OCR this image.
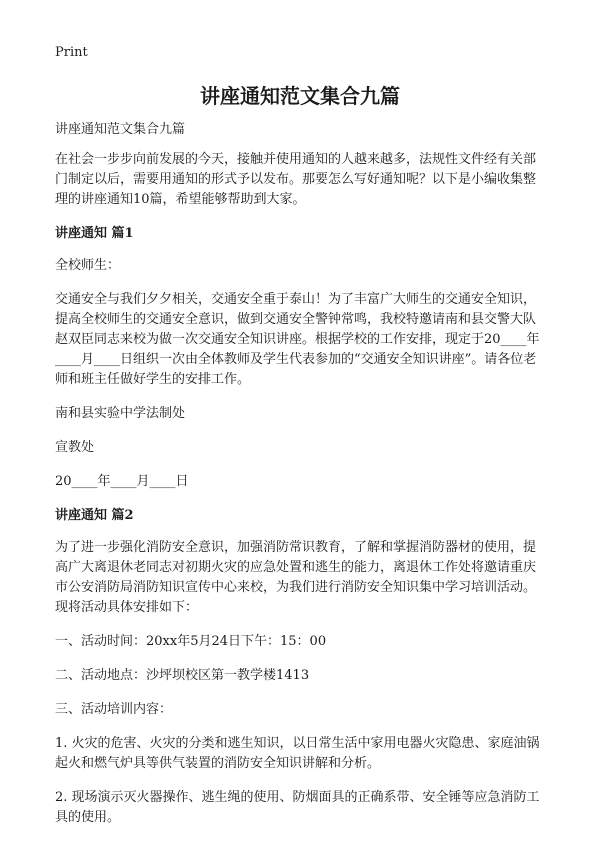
Print
讲座通知范文集合九篇

讲座通知范文集合九篇

在社会一步步向前发展的今天，接触并使用通知的人越来越多，法规性文件经有关部门制定以后，需要用通知的形式予以发布。那要怎么写好通知呢？以下是小编收集整理的讲座通知10篇，希望能够帮助到大家。

讲座通知 篇1

全校师生：

交通安全与我们夕夕相关，交通安全重于泰山！为了丰富广大师生的交通安全知识，提高全校师生的交通安全意识，做到交通安全警钟常鸣，我校特邀请南和县交警大队赵双臣同志来校为做一次交通安全知识讲座。根据学校的工作安排，现定于20____年____月____日组织一次由全体教师及学生代表参加的“交通安全知识讲座”。请各位老师和班主任做好学生的安排工作。

南和县实验中学法制处

宣教处

20____年____月____日

讲座通知 篇2

为了进一步强化消防安全意识，加强消防常识教育，了解和掌握消防器材的使用，提高广大离退休老同志对初期火灾的应急处置和逃生的能力，离退休工作处将邀请重庆市公安消防局消防知识宣传中心来校，为我们进行消防安全知识集中学习培训活动。现将活动具体安排如下：

一、活动时间：20xx年5月24日下午：15：00

二、活动地点：沙坪坝校区第一教学楼1413

三、活动培训内容：

1. 火灾的危害、火灾的分类和逃生知识，以日常生活中家用电器火灾隐患、家庭油锅起火和燃气炉具等供气装置的消防安全知识讲解和分析。

2. 现场演示灭火器操作、逃生绳的使用、防烟面具的正确系带、安全锤等应急消防工具的使用。
